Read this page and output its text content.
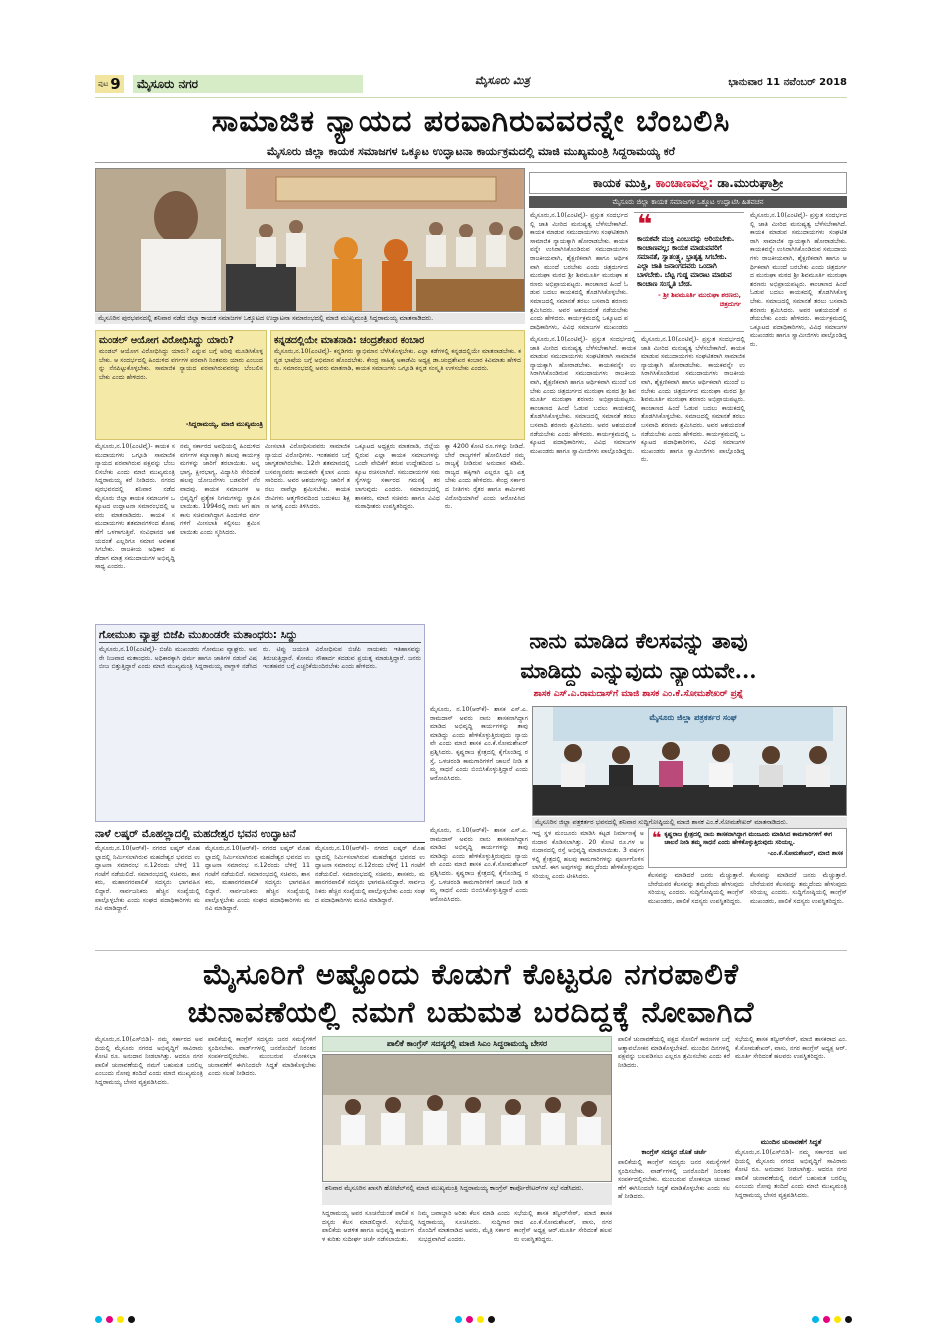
ಪುಟ 9	ಮೈಸೂರು ನಗರ	ಮೈಸೂರು ಮಿತ್ರ	ಭಾನುವಾರ 11 ನವೆಂಬರ್ 2018
ಸಾಮಾಜಿಕ ನ್ಯಾಯದ ಪರವಾಗಿರುವವರನ್ನೇ ಬೆಂಬಲಿಸಿ
ಮೈಸೂರು ಜಿಲ್ಲಾ ಕಾಯಕ ಸಮಾಜಗಳ ಒಕ್ಕೂಟ ಉದ್ಘಾಟನಾ ಕಾರ್ಯಕ್ರಮದಲ್ಲಿ ಮಾಜಿ ಮುಖ್ಯಮಂತ್ರಿ ಸಿದ್ದರಾಮಯ್ಯ ಕರೆ
ಮೈಸೂರಿನ ಪುರಭವನದಲ್ಲಿ ಶನಿವಾರ ನಡೆದ ಜಿಲ್ಲಾ ಕಾಯಕ ಸಮಾಜಗಳ ಒಕ್ಕೂಟದ ಉದ್ಘಾಟನಾ ಸಮಾರಂಭದಲ್ಲಿ ಮಾಜಿ ಮುಖ್ಯಮಂತ್ರಿ ಸಿದ್ದರಾಮಯ್ಯ ಮಾತನಾಡಿದರು.
ಕಾಯಕ ಮುಕ್ತಿ, ಕಾಂಚಾಣವಲ್ಲ: ಡಾ.ಮುರುಘಾಶ್ರೀ
ಮೈಸೂರು ಜಿಲ್ಲಾ ಕಾಯಕ ಸಮಾಜಗಳ ಒಕ್ಕೂಟ ಉದ್ಘಾಟಿಸಿ ಹಿತವಚನ
ಮೈಸೂರು,ನ.10(ಎಂಟಿವೈ)- ಪ್ರಸ್ತುತ ಸಂದರ್ಭದಲ್ಲಿ ಜಾತಿ ಮೀರಿದ ಮನುಷ್ಯತ್ವ ಬೆಳೆಸಬೇಕಾಗಿದೆ. ಕಾಯಕ ಮಾಡುವ ಸಮುದಾಯಗಳು ಸಂಘಟಿತರಾಗಿ ಸಾಮಾಜಿಕ ನ್ಯಾಯಕ್ಕಾಗಿ ಹೋರಾಡಬೇಕು. ಕಾಯಕವನ್ನೇ ಉಸಿರಾಗಿಸಿಕೊಂಡಿರುವ ಸಮುದಾಯಗಳು ರಾಜಕೀಯವಾಗಿ, ಶೈಕ್ಷಣಿಕವಾಗಿ ಹಾಗೂ ಆರ್ಥಿಕವಾಗಿ ಮುಂದೆ ಬರಬೇಕು ಎಂದು ಚಿತ್ರದುರ್ಗದ ಮುರುಘಾ ಮಠದ ಶ್ರೀ ಶಿವಮೂರ್ತಿ ಮುರುಘಾ ಶರಣರು ಅಭಿಪ್ರಾಯಪಟ್ಟರು. ಕಾಂಚಾಣದ ಹಿಂದೆ ಓಡುವ ಬದಲು ಕಾಯಕದಲ್ಲಿ ತೊಡಗಿಸಿಕೊಳ್ಳಬೇಕು. ಸಮಾಜದಲ್ಲಿ ಸಮಾನತೆ ತರಲು ಬಸವಾದಿ ಶರಣರು ಶ್ರಮಿಸಿದರು. ಅವರ ಆಶಯದಂತೆ ನಡೆಯಬೇಕು ಎಂದು ಹೇಳಿದರು. ಕಾರ್ಯಕ್ರಮದಲ್ಲಿ ಒಕ್ಕೂಟದ ಪದಾಧಿಕಾರಿಗಳು, ವಿವಿಧ ಸಮಾಜಗಳ ಮುಖಂಡರು
❝
ಕಾಯಕವೇ ಮುಕ್ತಿ ಎಂಬುದನ್ನು ಅರಿಯಬೇಕು. ಕಾಂಚಾಣವಲ್ಲ; ಕಾಯಕ ಮಾಡುವವರಿಗೆ ಸಮಾನತೆ, ಸ್ವಾತಂತ್ರ್ಯ, ಭ್ರಾತೃತ್ವ ಸಿಗಬೇಕು. ಎಲ್ಲಾ ಜಾತಿ ಜನಾಂಗದವರು ಒಂದಾಗಿ ಬಾಳಬೇಕು. ಬೆಟ್ಟ ಗುಡ್ಡ ಮಾರಾಟ ಮಾಡುವ ಕಾಂಚಾಣ ಸಂಸ್ಕೃತಿ ಬೇಡ.
- ಶ್ರೀ ಶಿವಮೂರ್ತಿ ಮುರುಘಾ ಶರಣರು, ಚಿತ್ರದುರ್ಗ
ಮೈಸೂರು,ನ.10(ಎಂಟಿವೈ)- ಪ್ರಸ್ತುತ ಸಂದರ್ಭದಲ್ಲಿ ಜಾತಿ ಮೀರಿದ ಮನುಷ್ಯತ್ವ ಬೆಳೆಸಬೇಕಾಗಿದೆ. ಕಾಯಕ ಮಾಡುವ ಸಮುದಾಯಗಳು ಸಂಘಟಿತರಾಗಿ ಸಾಮಾಜಿಕ ನ್ಯಾಯಕ್ಕಾಗಿ ಹೋರಾಡಬೇಕು. ಕಾಯಕವನ್ನೇ ಉಸಿರಾಗಿಸಿಕೊಂಡಿರುವ ಸಮುದಾಯಗಳು ರಾಜಕೀಯವಾಗಿ, ಶೈಕ್ಷಣಿಕವಾಗಿ ಹಾಗೂ ಆರ್ಥಿಕವಾಗಿ ಮುಂದೆ ಬರಬೇಕು ಎಂದು ಚಿತ್ರದುರ್ಗದ ಮುರುಘಾ ಮಠದ ಶ್ರೀ ಶಿವಮೂರ್ತಿ ಮುರುಘಾ ಶರಣರು ಅಭಿಪ್ರಾಯಪಟ್ಟರು. ಕಾಂಚಾಣದ ಹಿಂದೆ ಓಡುವ ಬದಲು ಕಾಯಕದಲ್ಲಿ ತೊಡಗಿಸಿಕೊಳ್ಳಬೇಕು. ಸಮಾಜದಲ್ಲಿ ಸಮಾನತೆ ತರಲು ಬಸವಾದಿ ಶರಣರು ಶ್ರಮಿಸಿದರು. ಅವರ ಆಶಯದಂತೆ ನಡೆಯಬೇಕು ಎಂದು ಹೇಳಿದರು. ಕಾರ್ಯಕ್ರಮದಲ್ಲಿ ಒಕ್ಕೂಟದ ಪದಾಧಿಕಾರಿಗಳು, ವಿವಿಧ ಸಮಾಜಗಳ ಮುಖಂಡರು ಹಾಗೂ ಸ್ವಾಮೀಜಿಗಳು ಪಾಲ್ಗೊಂಡಿದ್ದರು.
ಮೈಸೂರು,ನ.10(ಎಂಟಿವೈ)- ಪ್ರಸ್ತುತ ಸಂದರ್ಭದಲ್ಲಿ ಜಾತಿ ಮೀರಿದ ಮನುಷ್ಯತ್ವ ಬೆಳೆಸಬೇಕಾಗಿದೆ. ಕಾಯಕ ಮಾಡುವ ಸಮುದಾಯಗಳು ಸಂಘಟಿತರಾಗಿ ಸಾಮಾಜಿಕ ನ್ಯಾಯಕ್ಕಾಗಿ ಹೋರಾಡಬೇಕು. ಕಾಯಕವನ್ನೇ ಉಸಿರಾಗಿಸಿಕೊಂಡಿರುವ ಸಮುದಾಯಗಳು ರಾಜಕೀಯವಾಗಿ, ಶೈಕ್ಷಣಿಕವಾಗಿ ಹಾಗೂ ಆರ್ಥಿಕವಾಗಿ ಮುಂದೆ ಬರಬೇಕು ಎಂದು ಚಿತ್ರದುರ್ಗದ ಮುರುಘಾ ಮಠದ ಶ್ರೀ ಶಿವಮೂರ್ತಿ ಮುರುಘಾ ಶರಣರು ಅಭಿಪ್ರಾಯಪಟ್ಟರು. ಕಾಂಚಾಣದ ಹಿಂದೆ ಓಡುವ ಬದಲು ಕಾಯಕದಲ್ಲಿ ತೊಡಗಿಸಿಕೊಳ್ಳಬೇಕು. ಸಮಾಜದಲ್ಲಿ ಸಮಾನತೆ ತರಲು ಬಸವಾದಿ ಶರಣರು ಶ್ರಮಿಸಿದರು. ಅವರ ಆಶಯದಂತೆ ನಡೆಯಬೇಕು ಎಂದು ಹೇಳಿದರು. ಕಾರ್ಯಕ್ರಮದಲ್ಲಿ ಒಕ್ಕೂಟದ ಪದಾಧಿಕಾರಿಗಳು, ವಿವಿಧ ಸಮಾಜಗಳ ಮುಖಂಡರು ಹಾಗೂ ಸ್ವಾಮೀಜಿಗಳು ಪಾಲ್ಗೊಂಡಿದ್ದರು.
ಮೈಸೂರು,ನ.10(ಎಂಟಿವೈ)- ಪ್ರಸ್ತುತ ಸಂದರ್ಭದಲ್ಲಿ ಜಾತಿ ಮೀರಿದ ಮನುಷ್ಯತ್ವ ಬೆಳೆಸಬೇಕಾಗಿದೆ. ಕಾಯಕ ಮಾಡುವ ಸಮುದಾಯಗಳು ಸಂಘಟಿತರಾಗಿ ಸಾಮಾಜಿಕ ನ್ಯಾಯಕ್ಕಾಗಿ ಹೋರಾಡಬೇಕು. ಕಾಯಕವನ್ನೇ ಉಸಿರಾಗಿಸಿಕೊಂಡಿರುವ ಸಮುದಾಯಗಳು ರಾಜಕೀಯವಾಗಿ, ಶೈಕ್ಷಣಿಕವಾಗಿ ಹಾಗೂ ಆರ್ಥಿಕವಾಗಿ ಮುಂದೆ ಬರಬೇಕು ಎಂದು ಚಿತ್ರದುರ್ಗದ ಮುರುಘಾ ಮಠದ ಶ್ರೀ ಶಿವಮೂರ್ತಿ ಮುರುಘಾ ಶರಣರು ಅಭಿಪ್ರಾಯಪಟ್ಟರು. ಕಾಂಚಾಣದ ಹಿಂದೆ ಓಡುವ ಬದಲು ಕಾಯಕದಲ್ಲಿ ತೊಡಗಿಸಿಕೊಳ್ಳಬೇಕು. ಸಮಾಜದಲ್ಲಿ ಸಮಾನತೆ ತರಲು ಬಸವಾದಿ ಶರಣರು ಶ್ರಮಿಸಿದರು. ಅವರ ಆಶಯದಂತೆ ನಡೆಯಬೇಕು ಎಂದು ಹೇಳಿದರು. ಕಾರ್ಯಕ್ರಮದಲ್ಲಿ ಒಕ್ಕೂಟದ ಪದಾಧಿಕಾರಿಗಳು, ವಿವಿಧ ಸಮಾಜಗಳ ಮುಖಂಡರು ಹಾಗೂ ಸ್ವಾಮೀಜಿಗಳು ಪಾಲ್ಗೊಂಡಿದ್ದರು.
ಮಂಡಲ್ ಆಯೋಗ ವಿರೋಧಿಸಿದ್ದು ಯಾರು?
ಮಂಡಲ್ ಆಯೋಗ ವಿರೋಧಿಸಿದ್ದು ಯಾರು? ಎನ್ನುವ ಬಗ್ಗೆ ಅರಿವು ಮೂಡಿಸಿಕೊಳ್ಳಬೇಕು. ಆ ಸಂದರ್ಭದಲ್ಲಿ ಹಿಂದುಳಿದ ವರ್ಗಗಳ ಪರವಾಗಿ ನಿಂತವರು ಯಾರು ಎಂಬುದನ್ನು ನೆನಪಿಟ್ಟುಕೊಳ್ಳಬೇಕು. ಸಾಮಾಜಿಕ ನ್ಯಾಯದ ಪರವಾಗಿರುವವರನ್ನು ಬೆಂಬಲಿಸಬೇಕು ಎಂದು ಹೇಳಿದರು.
-ಸಿದ್ದರಾಮಯ್ಯ, ಮಾಜಿ ಮುಖ್ಯಮಂತ್ರಿ
ಕನ್ನಡದಲ್ಲಿಯೇ ಮಾತನಾಡಿ: ಚಂದ್ರಶೇಖರ ಕಂಬಾರ
ಮೈಸೂರು,ನ.10(ಎಂಟಿವೈ)- ಕನ್ನಡಿಗರು ಸ್ವಾಭಿಮಾನ ಬೆಳೆಸಿಕೊಳ್ಳಬೇಕು. ಎಲ್ಲಾ ಕಡೆಗಳಲ್ಲಿ ಕನ್ನಡದಲ್ಲಿಯೇ ಮಾತನಾಡಬೇಕು. ಕನ್ನಡ ಭಾಷೆಯ ಬಗ್ಗೆ ಅಭಿಮಾನ ಹೊಂದಬೇಕು. ಕೇಂದ್ರ ಸಾಹಿತ್ಯ ಅಕಾಡೆಮಿ ಅಧ್ಯಕ್ಷ ಡಾ.ಚಂದ್ರಶೇಖರ ಕಂಬಾರ ಕಿವಿಮಾತು ಹೇಳಿದರು. ಸಮಾರಂಭದಲ್ಲಿ ಅವರು ಮಾತನಾಡಿ, ಕಾಯಕ ಸಮಾಜಗಳು ಒಗ್ಗೂಡಿ ಕನ್ನಡ ಸಂಸ್ಕೃತಿ ಉಳಿಸಬೇಕು ಎಂದರು.
ಮೈಸೂರು,ನ.10(ಎಂಟಿವೈ)- ಕಾಯಕ ಸಮುದಾಯಗಳು ಒಗ್ಗೂಡಿ ಸಾಮಾಜಿಕ ನ್ಯಾಯದ ಪರವಾಗಿರುವ ಪಕ್ಷವನ್ನು ಬೆಂಬಲಿಸಬೇಕು ಎಂದು ಮಾಜಿ ಮುಖ್ಯಮಂತ್ರಿ ಸಿದ್ದರಾಮಯ್ಯ ಕರೆ ನೀಡಿದರು. ನಗರದ ಪುರಭವನದಲ್ಲಿ ಶನಿವಾರ ನಡೆದ ಮೈಸೂರು ಜಿಲ್ಲಾ ಕಾಯಕ ಸಮಾಜಗಳ ಒಕ್ಕೂಟದ ಉದ್ಘಾಟನಾ ಸಮಾರಂಭದಲ್ಲಿ ಅವರು ಮಾತನಾಡಿದರು. ಕಾಯಕ ಸಮುದಾಯಗಳು ಶತಮಾನಗಳಿಂದ ಶೋಷಣೆಗೆ ಒಳಗಾಗುತ್ತಿವೆ. ಸಂವಿಧಾನದ ಆಶಯದಂತೆ ಎಲ್ಲರಿಗೂ ಸಮಾನ ಅವಕಾಶ ಸಿಗಬೇಕು. ರಾಜಕೀಯ ಅಧಿಕಾರ ಪಡೆದಾಗ ಮಾತ್ರ ಸಮುದಾಯಗಳ ಅಭಿವೃದ್ಧಿ ಸಾಧ್ಯ ಎಂದರು.
ನಮ್ಮ ಸರ್ಕಾರದ ಅವಧಿಯಲ್ಲಿ ಹಿಂದುಳಿದ ವರ್ಗಗಳ ಕಲ್ಯಾಣಕ್ಕಾಗಿ ಹಲವು ಕಾರ್ಯಕ್ರಮಗಳನ್ನು ಜಾರಿಗೆ ತರಲಾಯಿತು. ಅನ್ನಭಾಗ್ಯ, ಕ್ಷೀರಭಾಗ್ಯ, ವಿದ್ಯಾಸಿರಿ ಸೇರಿದಂತೆ ಹಲವು ಯೋಜನೆಗಳು ಬಡವರಿಗೆ ನೆರವಾದವು. ಕಾಯಕ ಸಮಾಜಗಳ ಅಭಿವೃದ್ಧಿಗೆ ಪ್ರತ್ಯೇಕ ನಿಗಮಗಳನ್ನು ಸ್ಥಾಪಿಸಲಾಯಿತು. 1994ರಲ್ಲಿ ನಾನು ಆಗ ಹಣಕಾಸು ಸಚಿವನಾಗಿದ್ದಾಗ ಹಿಂದುಳಿದ ವರ್ಗಗಳಿಗೆ ಮೀಸಲಾತಿ ಕಲ್ಪಿಸಲು ಶ್ರಮಿಸಲಾಯಿತು ಎಂದು ಸ್ಮರಿಸಿದರು.
ಮೀಸಲಾತಿ ವಿರೋಧಿಸುವವರು ಸಾಮಾಜಿಕ ನ್ಯಾಯದ ವಿರೋಧಿಗಳು. ಇಂತಹವರ ಬಗ್ಗೆ ಜಾಗೃತರಾಗಿರಬೇಕು. 12ನೇ ಶತಮಾನದಲ್ಲಿ ಬಸವಣ್ಣನವರು ಕಾಯಕವೇ ಕೈಲಾಸ ಎಂದು ಸಾರಿದರು. ಅವರ ಆಶಯಗಳನ್ನು ಜಾರಿಗೆ ತರಲು ನಾವೆಲ್ಲಾ ಶ್ರಮಿಸಬೇಕು. ಕಾಯಕ ಜೀವಿಗಳು ಆತ್ಮಗೌರವದಿಂದ ಬದುಕಲು ಶಿಕ್ಷಣ ಅಗತ್ಯ ಎಂದು ತಿಳಿಸಿದರು.
ಒಕ್ಕೂಟದ ಅಧ್ಯಕ್ಷರು ಮಾತನಾಡಿ, ಜಿಲ್ಲೆಯಲ್ಲಿರುವ ಎಲ್ಲಾ ಕಾಯಕ ಸಮಾಜಗಳನ್ನು ಒಂದೇ ವೇದಿಕೆಗೆ ತರುವ ಉದ್ದೇಶದಿಂದ ಒಕ್ಕೂಟ ರಚಿಸಲಾಗಿದೆ. ಸಮುದಾಯಗಳ ಸಮಸ್ಯೆಗಳನ್ನು ಸರ್ಕಾರದ ಗಮನಕ್ಕೆ ತರಲಾಗುವುದು ಎಂದರು. ಸಮಾರಂಭದಲ್ಲಿ ಶಾಸಕರು, ಮಾಜಿ ಸಚಿವರು ಹಾಗೂ ವಿವಿಧ ಮಠಾಧೀಶರು ಉಪಸ್ಥಿತರಿದ್ದರು.
ಕ್ವಾ 4200 ಕೋಟಿ ರೂ.ಗಳನ್ನು ನೀಡಿದೆ. ಬೇರೆ ರಾಜ್ಯಗಳಿಗೆ ಹೋಲಿಸಿದರೆ ನಮ್ಮ ರಾಜ್ಯಕ್ಕೆ ನೀಡಿರುವ ಅನುದಾನ ಕಡಿಮೆ. ರಾಜ್ಯದ ಹಕ್ಕಿಗಾಗಿ ಎಲ್ಲರೂ ಧ್ವನಿ ಎತ್ತಬೇಕು ಎಂದು ಹೇಳಿದರು. ಕೇಂದ್ರ ಸರ್ಕಾರದ ನೀತಿಗಳು ರೈತರ ಹಾಗೂ ಕಾರ್ಮಿಕರ ವಿರೋಧಿಯಾಗಿವೆ ಎಂದು ಆರೋಪಿಸಿದರು.
ಗೋಮುಖ ವ್ಯಾಘ್ರ ಬಿಜೆಪಿ ಮುಖಂಡರೇ ಮತಾಂಧರು: ಸಿದ್ದು
ಮೈಸೂರು,ನ.10(ಎಂಟಿವೈ)- ಬಿಜೆಪಿ ಮುಖಂಡರು ಗೋಮುಖ ವ್ಯಾಘ್ರರು. ಅವರೇ ನಿಜವಾದ ಮತಾಂಧರು. ಅಧಿಕಾರಕ್ಕಾಗಿ ಧರ್ಮ ಹಾಗೂ ಜಾತಿಗಳ ನಡುವೆ ವಿಷ ಬೀಜ ಬಿತ್ತುತ್ತಿದ್ದಾರೆ ಎಂದು ಮಾಜಿ ಮುಖ್ಯಮಂತ್ರಿ ಸಿದ್ದರಾಮಯ್ಯ ವಾಗ್ದಾಳಿ ನಡೆಸಿದರು. ಟಿಪ್ಪು ಜಯಂತಿ ವಿರೋಧಿಸುವ ಬಿಜೆಪಿ ನಾಯಕರು ಇತಿಹಾಸವನ್ನು ತಿರುಚುತ್ತಿದ್ದಾರೆ. ಕೋಮು ಸೌಹಾರ್ದ ಕದಡುವ ಪ್ರಯತ್ನ ಮಾಡುತ್ತಿದ್ದಾರೆ. ಜನರು ಇಂತಹವರ ಬಗ್ಗೆ ಎಚ್ಚರಿಕೆಯಿಂದಿರಬೇಕು ಎಂದು ಹೇಳಿದರು.
ನಾಳೆ ಲಷ್ಕರ್ ಮೊಹಲ್ಲಾದಲ್ಲಿ ಮಹದೇಶ್ವರ ಭವನ ಉದ್ಘಾಟನೆ
ಮೈಸೂರು,ನ.10(ಆರ್‌ಕೆ)- ನಗರದ ಲಷ್ಕರ್ ಮೊಹಲ್ಲಾದಲ್ಲಿ ನಿರ್ಮಿಸಲಾಗಿರುವ ಮಹದೇಶ್ವರ ಭವನದ ಉದ್ಘಾಟನಾ ಸಮಾರಂಭ ನ.12ರಂದು ಬೆಳಿಗ್ಗೆ 11 ಗಂಟೆಗೆ ನಡೆಯಲಿದೆ. ಸಮಾರಂಭದಲ್ಲಿ ಸಚಿವರು, ಶಾಸಕರು, ಮಹಾನಗರಪಾಲಿಕೆ ಸದಸ್ಯರು ಭಾಗವಹಿಸಲಿದ್ದಾರೆ. ಸಾರ್ವಜನಿಕರು ಹೆಚ್ಚಿನ ಸಂಖ್ಯೆಯಲ್ಲಿ ಪಾಲ್ಗೊಳ್ಳಬೇಕು ಎಂದು ಸಂಘದ ಪದಾಧಿಕಾರಿಗಳು ಮನವಿ ಮಾಡಿದ್ದಾರೆ.
ಮೈಸೂರು,ನ.10(ಆರ್‌ಕೆ)- ನಗರದ ಲಷ್ಕರ್ ಮೊಹಲ್ಲಾದಲ್ಲಿ ನಿರ್ಮಿಸಲಾಗಿರುವ ಮಹದೇಶ್ವರ ಭವನದ ಉದ್ಘಾಟನಾ ಸಮಾರಂಭ ನ.12ರಂದು ಬೆಳಿಗ್ಗೆ 11 ಗಂಟೆಗೆ ನಡೆಯಲಿದೆ. ಸಮಾರಂಭದಲ್ಲಿ ಸಚಿವರು, ಶಾಸಕರು, ಮಹಾನಗರಪಾಲಿಕೆ ಸದಸ್ಯರು ಭಾಗವಹಿಸಲಿದ್ದಾರೆ. ಸಾರ್ವಜನಿಕರು ಹೆಚ್ಚಿನ ಸಂಖ್ಯೆಯಲ್ಲಿ ಪಾಲ್ಗೊಳ್ಳಬೇಕು ಎಂದು ಸಂಘದ ಪದಾಧಿಕಾರಿಗಳು ಮನವಿ ಮಾಡಿದ್ದಾರೆ.
ಮೈಸೂರು,ನ.10(ಆರ್‌ಕೆ)- ನಗರದ ಲಷ್ಕರ್ ಮೊಹಲ್ಲಾದಲ್ಲಿ ನಿರ್ಮಿಸಲಾಗಿರುವ ಮಹದೇಶ್ವರ ಭವನದ ಉದ್ಘಾಟನಾ ಸಮಾರಂಭ ನ.12ರಂದು ಬೆಳಿಗ್ಗೆ 11 ಗಂಟೆಗೆ ನಡೆಯಲಿದೆ. ಸಮಾರಂಭದಲ್ಲಿ ಸಚಿವರು, ಶಾಸಕರು, ಮಹಾನಗರಪಾಲಿಕೆ ಸದಸ್ಯರು ಭಾಗವಹಿಸಲಿದ್ದಾರೆ. ಸಾರ್ವಜನಿಕರು ಹೆಚ್ಚಿನ ಸಂಖ್ಯೆಯಲ್ಲಿ ಪಾಲ್ಗೊಳ್ಳಬೇಕು ಎಂದು ಸಂಘದ ಪದಾಧಿಕಾರಿಗಳು ಮನವಿ ಮಾಡಿದ್ದಾರೆ.
ನಾನು ಮಾಡಿದ ಕೆಲಸವನ್ನು ತಾವು
ಮಾಡಿದ್ದು ಎನ್ನುವುದು ನ್ಯಾಯವೇ...
ಶಾಸಕ ಎಸ್.ಎ.ರಾಮದಾಸ್‌ಗೆ ಮಾಜಿ ಶಾಸಕ ಎಂ.ಕೆ.ಸೋಮಶೇಖರ್ ಪ್ರಶ್ನೆ
ಮೈಸೂರು, ನ.10(ಆರ್‌ಕೆ)- ಶಾಸಕ ಎಸ್.ಎ.ರಾಮದಾಸ್ ಅವರು ನಾನು ಶಾಸಕನಾಗಿದ್ದಾಗ ಮಾಡಿದ ಅಭಿವೃದ್ಧಿ ಕಾರ್ಯಗಳನ್ನು ತಾವು ಮಾಡಿದ್ದು ಎಂದು ಹೇಳಿಕೊಳ್ಳುತ್ತಿರುವುದು ನ್ಯಾಯವೇ ಎಂದು ಮಾಜಿ ಶಾಸಕ ಎಂ.ಕೆ.ಸೋಮಶೇಖರ್ ಪ್ರಶ್ನಿಸಿದರು. ಕೃಷ್ಣರಾಜ ಕ್ಷೇತ್ರದಲ್ಲಿ ಕೈಗೊಂಡಿದ್ದ ರಸ್ತೆ, ಒಳಚರಂಡಿ ಕಾಮಗಾರಿಗಳಿಗೆ ಚಾಲನೆ ನೀಡಿ ತಮ್ಮ ಸಾಧನೆ ಎಂದು ಬಿಂಬಿಸಿಕೊಳ್ಳುತ್ತಿದ್ದಾರೆ ಎಂದು ಆರೋಪಿಸಿದರು.
ಮೈಸೂರು ಜಿಲ್ಲಾ ಪತ್ರಕರ್ತರ ಸಂಘ
ಮೈಸೂರಿನ ಜಿಲ್ಲಾ ಪತ್ರಕರ್ತರ ಭವನದಲ್ಲಿ ಶನಿವಾರ ಸುದ್ದಿಗೋಷ್ಠಿಯಲ್ಲಿ ಮಾಜಿ ಶಾಸಕ ಎಂ.ಕೆ.ಸೋಮಶೇಖರ್ ಮಾತನಾಡಿದರು.
ಮೈಸೂರು, ನ.10(ಆರ್‌ಕೆ)- ಶಾಸಕ ಎಸ್.ಎ.ರಾಮದಾಸ್ ಅವರು ನಾನು ಶಾಸಕನಾಗಿದ್ದಾಗ ಮಾಡಿದ ಅಭಿವೃದ್ಧಿ ಕಾರ್ಯಗಳನ್ನು ತಾವು ಮಾಡಿದ್ದು ಎಂದು ಹೇಳಿಕೊಳ್ಳುತ್ತಿರುವುದು ನ್ಯಾಯವೇ ಎಂದು ಮಾಜಿ ಶಾಸಕ ಎಂ.ಕೆ.ಸೋಮಶೇಖರ್ ಪ್ರಶ್ನಿಸಿದರು. ಕೃಷ್ಣರಾಜ ಕ್ಷೇತ್ರದಲ್ಲಿ ಕೈಗೊಂಡಿದ್ದ ರಸ್ತೆ, ಒಳಚರಂಡಿ ಕಾಮಗಾರಿಗಳಿಗೆ ಚಾಲನೆ ನೀಡಿ ತಮ್ಮ ಸಾಧನೆ ಎಂದು ಬಿಂಬಿಸಿಕೊಳ್ಳುತ್ತಿದ್ದಾರೆ ಎಂದು ಆರೋಪಿಸಿದರು.
ಇದ್ದ ಸ್ಥಳ ಮಂಜೂರು ಮಾಡಿಸಿ ಕಟ್ಟಡ ನಿರ್ಮಾಣಕ್ಕೆ ಅನುದಾನ ಕೊಡಿಸಲಾಗಿತ್ತು. 20 ಕೋಟಿ ರೂ.ಗಳ ಅನುದಾನದಲ್ಲಿ ರಸ್ತೆ ಅಭಿವೃದ್ಧಿ ಮಾಡಲಾಯಿತು. 3 ವರ್ಷಗಳಲ್ಲಿ ಕ್ಷೇತ್ರದಲ್ಲಿ ಹಲವು ಕಾಮಗಾರಿಗಳನ್ನು ಪೂರ್ಣಗೊಳಿಸಲಾಗಿದೆ. ಈಗ ಅವುಗಳನ್ನು ತಮ್ಮದೆಂದು ಹೇಳಿಕೊಳ್ಳುವುದು ಸರಿಯಲ್ಲ ಎಂದು ಟೀಕಿಸಿದರು.
❝ ಕೃಷ್ಣರಾಜ ಕ್ಷೇತ್ರದಲ್ಲಿ ನಾನು ಶಾಸಕನಾಗಿದ್ದಾಗ ಮಂಜೂರು ಮಾಡಿಸಿದ ಕಾಮಗಾರಿಗಳಿಗೆ ಈಗ ಚಾಲನೆ ನೀಡಿ ತಮ್ಮ ಸಾಧನೆ ಎಂದು ಹೇಳಿಕೊಳ್ಳುತ್ತಿರುವುದು ಸರಿಯಲ್ಲ.
-ಎಂ.ಕೆ.ಸೋಮಶೇಖರ್, ಮಾಜಿ ಶಾಸಕ
ಕೆಲಸವನ್ನು ಮಾಡಿದರೆ ಜನರು ಮೆಚ್ಚುತ್ತಾರೆ. ಬೇರೆಯವರ ಕೆಲಸವನ್ನು ತಮ್ಮದೆಂದು ಹೇಳುವುದು ಸರಿಯಲ್ಲ ಎಂದರು. ಸುದ್ದಿಗೋಷ್ಠಿಯಲ್ಲಿ ಕಾಂಗ್ರೆಸ್ ಮುಖಂಡರು, ಪಾಲಿಕೆ ಸದಸ್ಯರು ಉಪಸ್ಥಿತರಿದ್ದರು.
ಕೆಲಸವನ್ನು ಮಾಡಿದರೆ ಜನರು ಮೆಚ್ಚುತ್ತಾರೆ. ಬೇರೆಯವರ ಕೆಲಸವನ್ನು ತಮ್ಮದೆಂದು ಹೇಳುವುದು ಸರಿಯಲ್ಲ ಎಂದರು. ಸುದ್ದಿಗೋಷ್ಠಿಯಲ್ಲಿ ಕಾಂಗ್ರೆಸ್ ಮುಖಂಡರು, ಪಾಲಿಕೆ ಸದಸ್ಯರು ಉಪಸ್ಥಿತರಿದ್ದರು.
ಮೈಸೂರಿಗೆ ಅಷ್ಟೊಂದು ಕೊಡುಗೆ ಕೊಟ್ಟರೂ ನಗರಪಾಲಿಕೆ
ಚುನಾವಣೆಯಲ್ಲಿ ನಮಗೆ ಬಹುಮತ ಬರದಿದ್ದಕ್ಕೆ ನೋವಾಗಿದೆ
ಮೈಸೂರು,ನ.10(ಎಸ್‌ಬಿಡಿ)- ನಮ್ಮ ಸರ್ಕಾರದ ಅವಧಿಯಲ್ಲಿ ಮೈಸೂರು ನಗರದ ಅಭಿವೃದ್ಧಿಗೆ ಸಾವಿರಾರು ಕೋಟಿ ರೂ. ಅನುದಾನ ನೀಡಲಾಗಿತ್ತು. ಆದರೂ ನಗರಪಾಲಿಕೆ ಚುನಾವಣೆಯಲ್ಲಿ ನಮಗೆ ಬಹುಮತ ಬರಲಿಲ್ಲ ಎಂಬುದು ನೋವು ತಂದಿದೆ ಎಂದು ಮಾಜಿ ಮುಖ್ಯಮಂತ್ರಿ ಸಿದ್ದರಾಮಯ್ಯ ಬೇಸರ ವ್ಯಕ್ತಪಡಿಸಿದರು.
ಪಾಲಿಕೆಯಲ್ಲಿ ಕಾಂಗ್ರೆಸ್ ಸದಸ್ಯರು ಜನರ ಸಮಸ್ಯೆಗಳಿಗೆ ಸ್ಪಂದಿಸಬೇಕು. ವಾರ್ಡ್‌ಗಳಲ್ಲಿ ಜನರೊಂದಿಗೆ ನಿರಂತರ ಸಂಪರ್ಕದಲ್ಲಿರಬೇಕು. ಮುಂಬರುವ ಲೋಕಸಭಾ ಚುನಾವಣೆಗೆ ಈಗಿನಿಂದಲೇ ಸಿದ್ಧತೆ ಮಾಡಿಕೊಳ್ಳಬೇಕು ಎಂದು ಸಲಹೆ ನೀಡಿದರು.
ಪಾಲಿಕೆ ಕಾಂಗ್ರೆಸ್ ಸದಸ್ಯರಲ್ಲಿ ಮಾಜಿ ಸಿಎಂ ಸಿದ್ದರಾಮಯ್ಯ ಬೇಸರ
ಶನಿವಾರ ಮೈಸೂರಿನ ಖಾಸಗಿ ಹೋಟೆಲ್‌ನಲ್ಲಿ ಮಾಜಿ ಮುಖ್ಯಮಂತ್ರಿ ಸಿದ್ದರಾಮಯ್ಯ ಕಾಂಗ್ರೆಸ್ ಕಾರ್ಪೊರೇಟರ್‌ಗಳ ಸಭೆ ನಡೆಸಿದರು.
ಸಿದ್ದರಾಮಯ್ಯ ಅವರ ಸೂಚನೆಯಂತೆ ಪಾಲಿಕೆ ಸದಸ್ಯರು ಕೆಲಸ ಮಾಡಲಿದ್ದಾರೆ. ಸಭೆಯಲ್ಲಿ ಪಾಲಿಕೆಯ ಆಡಳಿತ ಹಾಗೂ ಅಭಿವೃದ್ಧಿ ಕಾರ್ಯಗಳ ಕುರಿತು ಸುದೀರ್ಘ ಚರ್ಚೆ ನಡೆಸಲಾಯಿತು.
ನಿಮ್ಮ ಜವಾಬ್ದಾರಿ ಅರಿತು ಕೆಲಸ ಮಾಡಿ ಎಂದು ಸಿದ್ದರಾಮಯ್ಯ ಸೂಚಿಸಿದರು. ಸುದ್ದಿಗಾರರೊಂದಿಗೆ ಮಾತನಾಡಿದ ಅವರು, ಮೈತ್ರಿ ಸರ್ಕಾರ ಸುಭದ್ರವಾಗಿದೆ ಎಂದರು.
ಸಭೆಯಲ್ಲಿ ಶಾಸಕ ತನ್ವೀರ್‌ಸೇಠ್, ಮಾಜಿ ಶಾಸಕರಾದ ಎಂ.ಕೆ.ಸೋಮಶೇಖರ್, ವಾಸು, ನಗರ ಕಾಂಗ್ರೆಸ್ ಅಧ್ಯಕ್ಷ ಆರ್.ಮೂರ್ತಿ ಸೇರಿದಂತೆ ಹಲವರು ಉಪಸ್ಥಿತರಿದ್ದರು.
ಪಾಲಿಕೆ ಚುನಾವಣೆಯಲ್ಲಿ ಪಕ್ಷದ ಸೋಲಿಗೆ ಕಾರಣಗಳ ಬಗ್ಗೆ ಆತ್ಮಾವಲೋಕನ ಮಾಡಿಕೊಳ್ಳಬೇಕಿದೆ. ಮುಂದಿನ ದಿನಗಳಲ್ಲಿ ಪಕ್ಷವನ್ನು ಬಲಪಡಿಸಲು ಎಲ್ಲರೂ ಶ್ರಮಿಸಬೇಕು ಎಂದು ಕರೆ ನೀಡಿದರು.
ಕಾಂಗ್ರೆಸ್ ಸದಸ್ಯರ ಜೊತೆ ಚರ್ಚೆ
ಪಾಲಿಕೆಯಲ್ಲಿ ಕಾಂಗ್ರೆಸ್ ಸದಸ್ಯರು ಜನರ ಸಮಸ್ಯೆಗಳಿಗೆ ಸ್ಪಂದಿಸಬೇಕು. ವಾರ್ಡ್‌ಗಳಲ್ಲಿ ಜನರೊಂದಿಗೆ ನಿರಂತರ ಸಂಪರ್ಕದಲ್ಲಿರಬೇಕು. ಮುಂಬರುವ ಲೋಕಸಭಾ ಚುನಾವಣೆಗೆ ಈಗಿನಿಂದಲೇ ಸಿದ್ಧತೆ ಮಾಡಿಕೊಳ್ಳಬೇಕು ಎಂದು ಸಲಹೆ ನೀಡಿದರು.
ಸಭೆಯಲ್ಲಿ ಶಾಸಕ ತನ್ವೀರ್‌ಸೇಠ್, ಮಾಜಿ ಶಾಸಕರಾದ ಎಂ.ಕೆ.ಸೋಮಶೇಖರ್, ವಾಸು, ನಗರ ಕಾಂಗ್ರೆಸ್ ಅಧ್ಯಕ್ಷ ಆರ್.ಮೂರ್ತಿ ಸೇರಿದಂತೆ ಹಲವರು ಉಪಸ್ಥಿತರಿದ್ದರು.
ಮುಂದಿನ ಚುನಾವಣೆಗೆ ಸಿದ್ಧತೆ
ಮೈಸೂರು,ನ.10(ಎಸ್‌ಬಿಡಿ)- ನಮ್ಮ ಸರ್ಕಾರದ ಅವಧಿಯಲ್ಲಿ ಮೈಸೂರು ನಗರದ ಅಭಿವೃದ್ಧಿಗೆ ಸಾವಿರಾರು ಕೋಟಿ ರೂ. ಅನುದಾನ ನೀಡಲಾಗಿತ್ತು. ಆದರೂ ನಗರಪಾಲಿಕೆ ಚುನಾವಣೆಯಲ್ಲಿ ನಮಗೆ ಬಹುಮತ ಬರಲಿಲ್ಲ ಎಂಬುದು ನೋವು ತಂದಿದೆ ಎಂದು ಮಾಜಿ ಮುಖ್ಯಮಂತ್ರಿ ಸಿದ್ದರಾಮಯ್ಯ ಬೇಸರ ವ್ಯಕ್ತಪಡಿಸಿದರು.
